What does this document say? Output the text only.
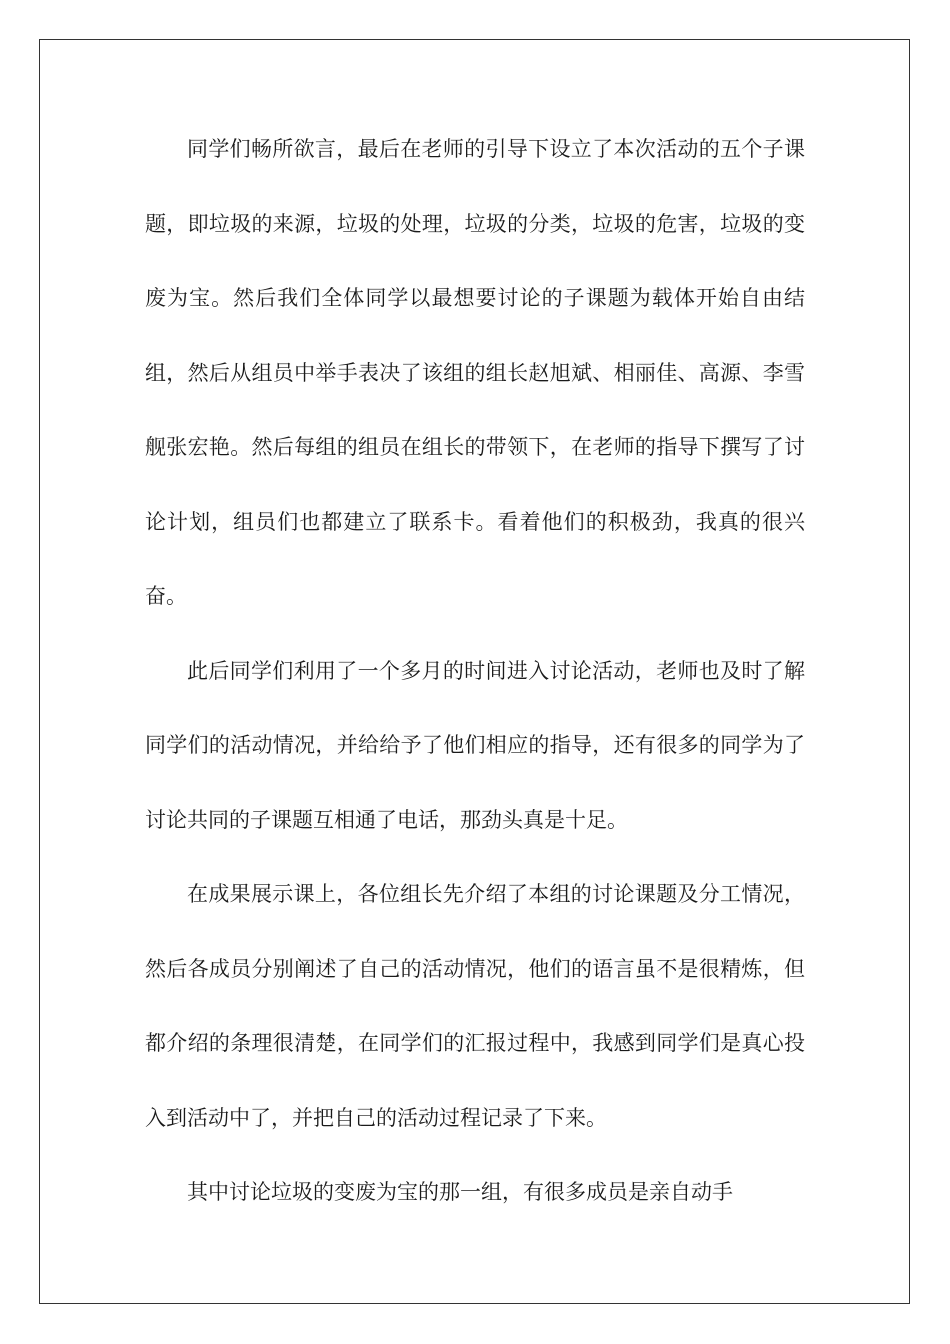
同学们畅所欲言，最后在老师的引导下设立了本次活动的五个子课题，即垃圾的来源，垃圾的处理，垃圾的分类，垃圾的危害，垃圾的变废为宝。然后我们全体同学以最想要讨论的子课题为载体开始自由结组，然后从组员中举手表决了该组的组长赵旭斌、相丽佳、高源、李雪舰张宏艳。然后每组的组员在组长的带领下，在老师的指导下撰写了讨论计划，组员们也都建立了联系卡。看着他们的积极劲，我真的很兴奋。

此后同学们利用了一个多月的时间进入讨论活动，老师也及时了解同学们的活动情况，并给给予了他们相应的指导，还有很多的同学为了讨论共同的子课题互相通了电话，那劲头真是十足。

在成果展示课上，各位组长先介绍了本组的讨论课题及分工情况，然后各成员分别阐述了自己的活动情况，他们的语言虽不是很精炼，但都介绍的条理很清楚，在同学们的汇报过程中，我感到同学们是真心投入到活动中了，并把自己的活动过程记录了下来。

其中讨论垃圾的变废为宝的那一组，有很多成员是亲自动手
